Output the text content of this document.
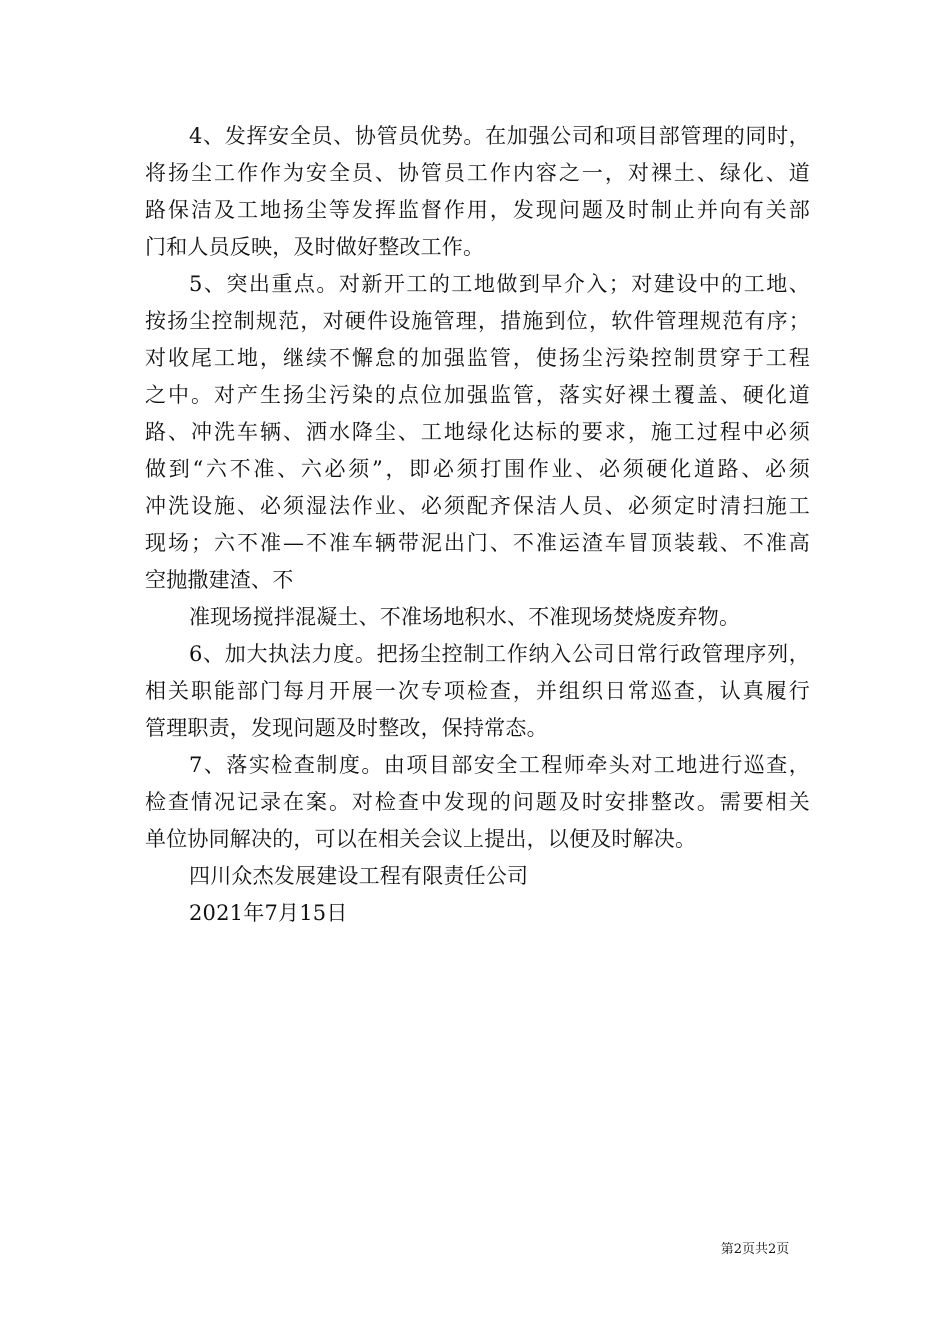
4、发挥安全员、协管员优势。在加强公司和项目部管理的同时，
将扬尘工作作为安全员、协管员工作内容之一，对裸土、绿化、道
路保洁及工地扬尘等发挥监督作用，发现问题及时制止并向有关部
门和人员反映，及时做好整改工作。
5、突出重点。对新开工的工地做到早介入；对建设中的工地、
按扬尘控制规范，对硬件设施管理，措施到位，软件管理规范有序；
对收尾工地，继续不懈怠的加强监管，使扬尘污染控制贯穿于工程
之中。对产生扬尘污染的点位加强监管，落实好裸土覆盖、硬化道
路、冲洗车辆、洒水降尘、工地绿化达标的要求，施工过程中必须
做到“六不准、六必须”，即必须打围作业、必须硬化道路、必须
冲洗设施、必须湿法作业、必须配齐保洁人员、必须定时清扫施工
现场；六不准—不准车辆带泥出门、不准运渣车冒顶装载、不准高
空抛撒建渣、不
准现场搅拌混凝土、不准场地积水、不准现场焚烧废弃物。
6、加大执法力度。把扬尘控制工作纳入公司日常行政管理序列，
相关职能部门每月开展一次专项检查，并组织日常巡查，认真履行
管理职责，发现问题及时整改，保持常态。
7、落实检查制度。由项目部安全工程师牵头对工地进行巡查，
检查情况记录在案。对检查中发现的问题及时安排整改。需要相关
单位协同解决的，可以在相关会议上提出，以便及时解决。
四川众杰发展建设工程有限责任公司
2021年7月15日
第2页共2页
